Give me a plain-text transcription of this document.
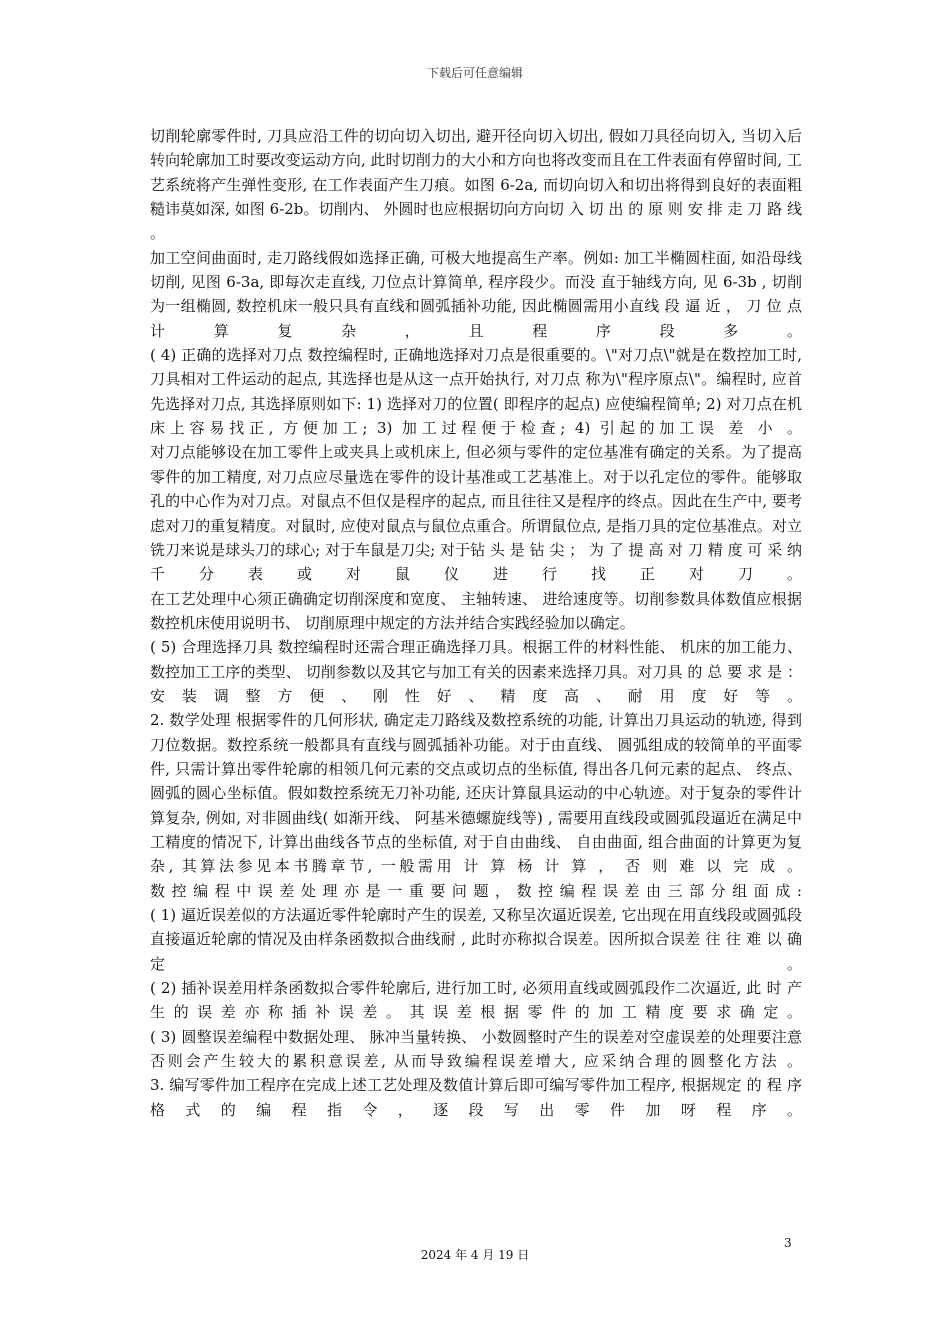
下载后可任意编辑

切削轮廓零件时, 刀具应沿工件的切向切入切出, 避开径向切入切出, 假如刀具径向切入, 当切入后转向轮廓加工时要改变运动方向, 此时切削力的大小和方向也将改变而且在工件表面有停留时间, 工艺系统将产生弹性变形, 在工作表面产生刀痕。如图 6-2a, 而切向切入和切出将得到良好的表面粗糙讳莫如深, 如图 6-2b。切削内、 外圆时也应根据切向方向切 入 切 出 的 原 则 安 排 走 刀 路 线 。

加工空间曲面时, 走刀路线假如选择正确, 可极大地提高生产率。例如: 加工半椭圆柱面, 如沿母线切削, 见图 6-3a, 即每次走直线, 刀位点计算简单, 程序段少。而没 直于轴线方向, 见 6-3b , 切削为一组椭圆, 数控机床一般只具有直线和圆弧插补功能, 因此椭圆需用小直线 段 逼 近 ， 刀 位 点 计 算 复 杂 ， 且 程 序 段 多 。

( 4) 正确的选择对刀点 数控编程时, 正确地选择对刀点是很重要的。\"对刀点\"就是在数控加工时, 刀具相对工件运动的起点, 其选择也是从这一点开始执行, 对刀点 称为\"程序原点\"。编程时, 应首先选择对刀点, 其选择原则如下: 1) 选择对刀的位置( 即程序的起点) 应使编程简单; 2) 对刀点在机床上容易找正, 方便加工; 3) 加工过程便于检查; 4) 引起的加工误 差 小 。

对刀点能够设在加工零件上或夹具上或机床上, 但必须与零件的定位基准有确定的关系。为了提高零件的加工精度, 对刀点应尽量选在零件的设计基准或工艺基准上。对于以孔定位的零件。能够取孔的中心作为对刀点。对鼠点不但仅是程序的起点, 而且往往又是程序的终点。因此在生产中, 要考虑对刀的重复精度。对鼠时, 应使对鼠点与鼠位点重合。所谓鼠位点, 是指刀具的定位基准点。对立铣刀来说是球头刀的球心; 对于车鼠是刀尖; 对于钻 头 是 钻 尖 ； 为 了 提 高 对 刀 精 度 可 采 纳 千 分 表 或 对 鼠 仪 进 行 找 正 对 刀 。

在工艺处理中心须正确确定切削深度和宽度、 主轴转速、 进给速度等。切削参数具体数值应根据数控机床使用说明书、 切削原理中规定的方法并结合实践经验加以确定。

( 5) 合理选择刀具 数控编程时还需合理正确选择刀具。根据工件的材料性能、 机床的加工能力、 数控加工工序的类型、 切削参数以及其它与加工有关的因素来选择刀具。对刀具 的 总 要 求 是 ： 安 装 调 整 方 便 、 刚 性 好 、 精 度 高 、 耐 用 度 好 等 。

2. 数学处理 根据零件的几何形状, 确定走刀路线及数控系统的功能, 计算出刀具运动的轨迹, 得到刀位数据。数控系统一般都具有直线与圆弧插补功能。对于由直线、 圆弧组成的较简单的平面零件, 只需计算出零件轮廓的相领几何元素的交点或切点的坐标值, 得出各几何元素的起点、 终点、 圆弧的圆心坐标值。假如数控系统无刀补功能, 还庆计算鼠具运动的中心轨迹。对于复杂的零件计算复杂, 例如, 对非圆曲线( 如渐开线、 阿基米德螺旋线等) , 需要用直线段或圆弧段逼近在满足中工精度的情况下, 计算出曲线各节点的坐标值, 对于自由曲线、 自由曲面, 组合曲面的计算更为复杂, 其算法参见本书腾章节, 一般需用 计 算 杨 计 算 ， 否 则 难 以 完 成 。

数 控 编 程 中 误 差 处 理 亦 是 一 重 要 问 题 ， 数 控 编 程 误 差 由 三 部 分 组 面 成 :

( 1) 逼近误差似的方法逼近零件轮廓时产生的误差, 又称呈次逼近误差, 它出现在用直线段或圆弧段直接逼近轮廓的情况及由样条函数拟合曲线耐 , 此时亦称拟合误差。因所拟合误差 往 往 难 以 确 定 。

( 2) 插补误差用样条函数拟合零件轮廓后, 进行加工时, 必须用直线或圆弧段作二次逼近, 此 时 产 生 的 误 差 亦 称 插 补 误 差 。 其 误 差 根 据 零 件 的 加 工 精 度 要 求 确 定 。

( 3) 圆整误差编程中数据处理、 脉冲当量转换、 小数圆整时产生的误差对空虚误差的处理要注意否则会产生较大的累积意误差, 从而导致编程误差增大, 应采纳合理的圆整化方法 。

3. 编写零件加工程序在完成上述工艺处理及数值计算后即可编写零件加工程序, 根据规定 的 程 序 格 式 的 编 程 指 令 ， 逐 段 写 出 零 件 加 呀 程 序 。

3
2024 年 4 月 19 日
